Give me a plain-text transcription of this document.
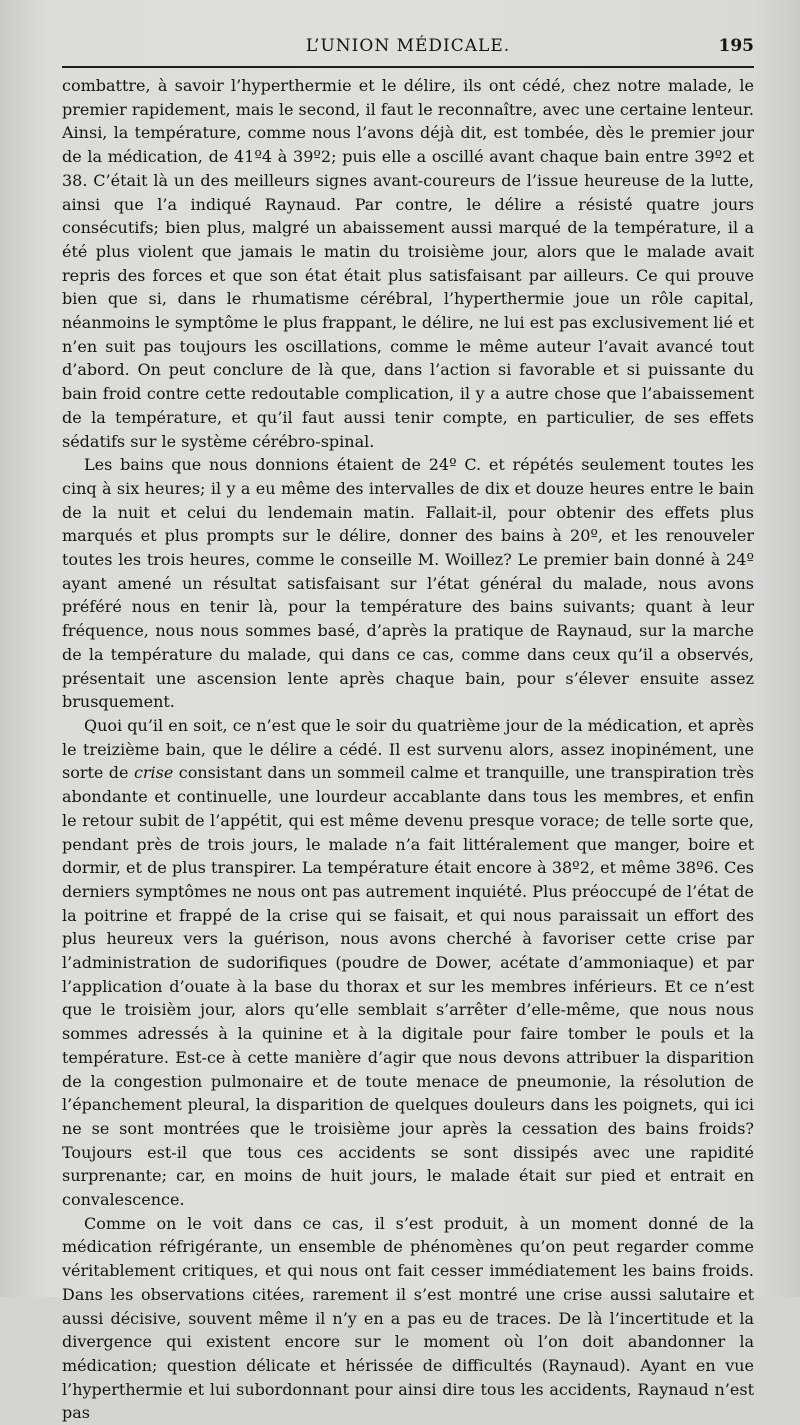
L’UNION MÉDICALE.	195

combattre, à savoir l’hyperthermie et le délire, ils ont cédé, chez notre malade, le premier rapidement, mais le second, il faut le reconnaître, avec une certaine lenteur. Ainsi, la température, comme nous l’avons déjà dit, est tombée, dès le premier jour de la médication, de 41º4 à 39º2; puis elle a oscillé avant chaque bain entre 39º2 et 38. C’était là un des meilleurs signes avant-coureurs de l’issue heureuse de la lutte, ainsi que l’a indiqué Raynaud. Par contre, le délire a résisté quatre jours consécutifs; bien plus, malgré un abaissement aussi marqué de la température, il a été plus violent que jamais le matin du troisième jour, alors que le malade avait repris des forces et que son état était plus satisfaisant par ailleurs. Ce qui prouve bien que si, dans le rhumatisme cérébral, l’hyperthermie joue un rôle capital, néanmoins le symptôme le plus frappant, le délire, ne lui est pas exclusivement lié et n’en suit pas toujours les oscillations, comme le même auteur l’avait avancé tout d’abord. On peut conclure de là que, dans l’action si favorable et si puissante du bain froid contre cette redoutable complication, il y a autre chose que l’abaissement de la température, et qu’il faut aussi tenir compte, en particulier, de ses effets sédatifs sur le système cérébro-spinal.

Les bains que nous donnions étaient de 24º C. et répétés seulement toutes les cinq à six heures; il y a eu même des intervalles de dix et douze heures entre le bain de la nuit et celui du lendemain matin. Fallait-il, pour obtenir des effets plus marqués et plus prompts sur le délire, donner des bains à 20º, et les renouveler toutes les trois heures, comme le conseille M. Woillez? Le premier bain donné à 24º ayant amené un résultat satisfaisant sur l’état général du malade, nous avons préféré nous en tenir là, pour la température des bains suivants; quant à leur fréquence, nous nous sommes basé, d’après la pratique de Raynaud, sur la marche de la température du malade, qui dans ce cas, comme dans ceux qu’il a observés, présentait une ascension lente après chaque bain, pour s’élever ensuite assez brusquement.

Quoi qu’il en soit, ce n’est que le soir du quatrième jour de la médication, et après le treizième bain, que le délire a cédé. Il est survenu alors, assez inopinément, une sorte de crise consistant dans un sommeil calme et tranquille, une transpiration très abondante et continuelle, une lourdeur accablante dans tous les membres, et enfin le retour subit de l’appétit, qui est même devenu presque vorace; de telle sorte que, pendant près de trois jours, le malade n’a fait littéralement que manger, boire et dormir, et de plus transpirer. La température était encore à 38º2, et même 38º6. Ces derniers symptômes ne nous ont pas autrement inquiété. Plus préoccupé de l’état de la poitrine et frappé de la crise qui se faisait, et qui nous paraissait un effort des plus heureux vers la guérison, nous avons cherché à favoriser cette crise par l’administration de sudorifiques (poudre de Dower, acétate d’ammoniaque) et par l’application d’ouate à la base du thorax et sur les membres inférieurs. Et ce n’est que le troisièm jour, alors qu’elle semblait s’arrêter d’elle-même, que nous nous sommes adressés à la quinine et à la digitale pour faire tomber le pouls et la température. Est-ce à cette manière d’agir que nous devons attribuer la disparition de la congestion pulmonaire et de toute menace de pneumonie, la résolution de l’épanchement pleural, la disparition de quelques douleurs dans les poignets, qui ici ne se sont montrées que le troisième jour après la cessation des bains froids? Toujours est-il que tous ces accidents se sont dissipés avec une rapidité surprenante; car, en moins de huit jours, le malade était sur pied et entrait en convalescence.

Comme on le voit dans ce cas, il s’est produit, à un moment donné de la médication réfrigérante, un ensemble de phénomènes qu’on peut regarder comme véritablement critiques, et qui nous ont fait cesser immédiatement les bains froids. Dans les observations citées, rarement il s’est montré une crise aussi salutaire et aussi décisive, souvent même il n’y en a pas eu de traces. De là l’incertitude et la divergence qui existent encore sur le moment où l’on doit abandonner la médication; question délicate et hérissée de difficultés (Raynaud). Ayant en vue l’hyperthermie et lui subordonnant pour ainsi dire tous les accidents, Raynaud n’est pas
